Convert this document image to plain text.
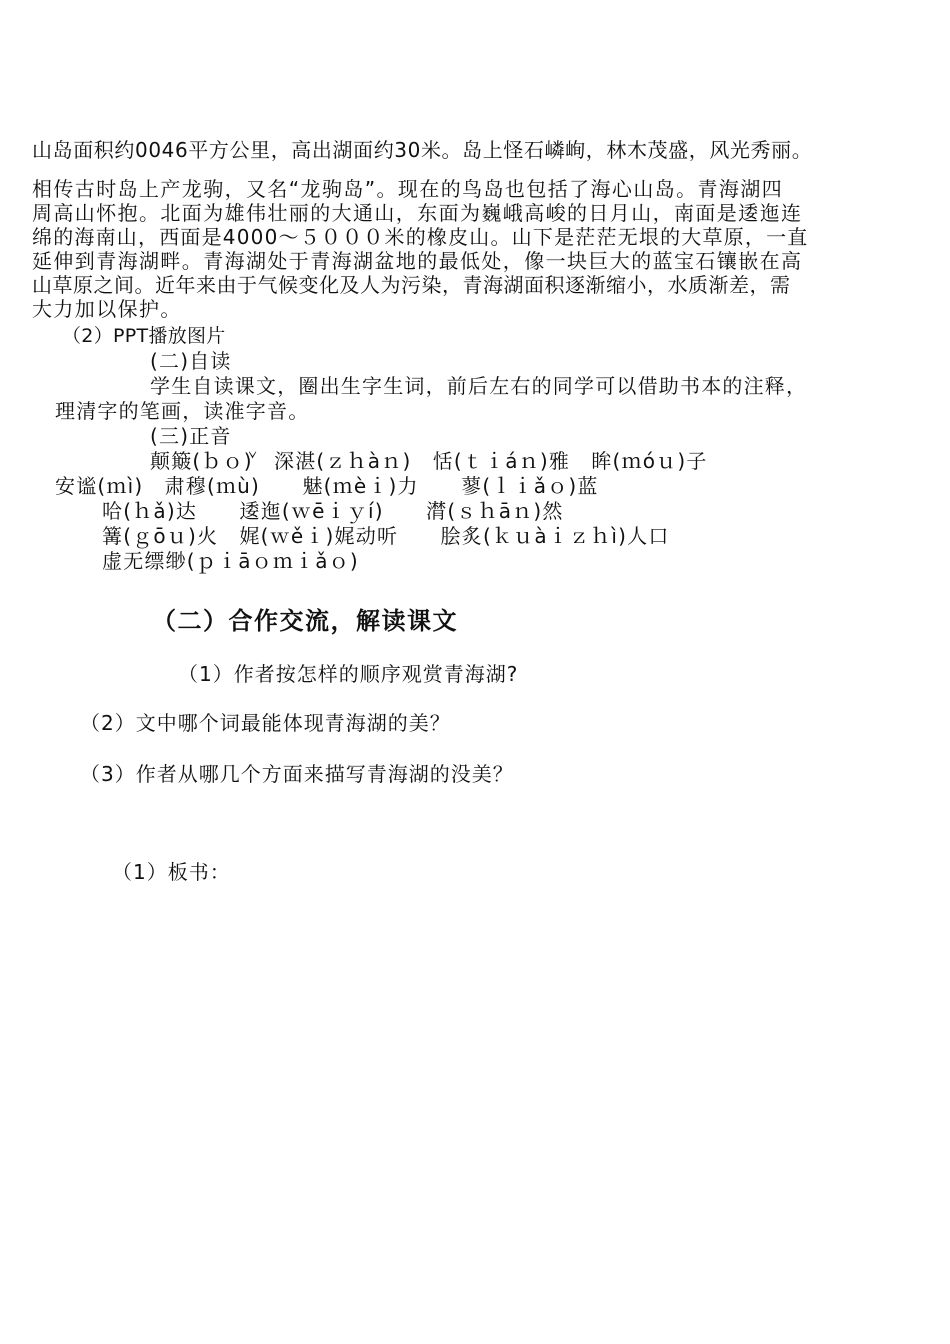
山岛面积约0046平方公里，高出湖面约30米。岛上怪石嶙峋，林木茂盛，风光秀丽。
相传古时岛上产龙驹，又名“龙驹岛”。现在的鸟岛也包括了海心山岛。青海湖四
周高山怀抱。北面为雄伟壮丽的大通山，东面为巍峨高峻的日月山，南面是逶迤连
绵的海南山，西面是4000～５０００米的橡皮山。山下是茫茫无垠的大草原，一直
延伸到青海湖畔。青海湖处于青海湖盆地的最低处，像一块巨大的蓝宝石镶嵌在高
山草原之间。近年来由于气候变化及人为污染，青海湖面积逐渐缩小，水质渐差，需
大力加以保护。
（2）PPT播放图片
(二)自读
学生自读课文，圈出生字生词，前后左右的同学可以借助书本的注释，
理清字的笔画，读准字音。
(三)正音
颠簸(ｂｏ̌)　深湛(ｚｈàｎ)　恬(ｔｉáｎ)雅　眸(ｍóｕ)子
安谧(ｍì)　肃穆(ｍù)　　魅(ｍèｉ)力　　蓼(ｌｉǎｏ)蓝
哈(ｈǎ)达　　逶迤(ｗēｉｙí)　　潸(ｓｈāｎ)然
篝(ｇōｕ)火　娓(ｗěｉ)娓动听　　脍炙(ｋｕàｉｚｈì)人口
虚无缥缈(ｐｉāｏｍｉǎｏ)
（二）合作交流，解读课文
（1）作者按怎样的顺序观赏青海湖?
（2）文中哪个词最能体现青海湖的美？
（3）作者从哪几个方面来描写青海湖的没美？
（1）板书：
